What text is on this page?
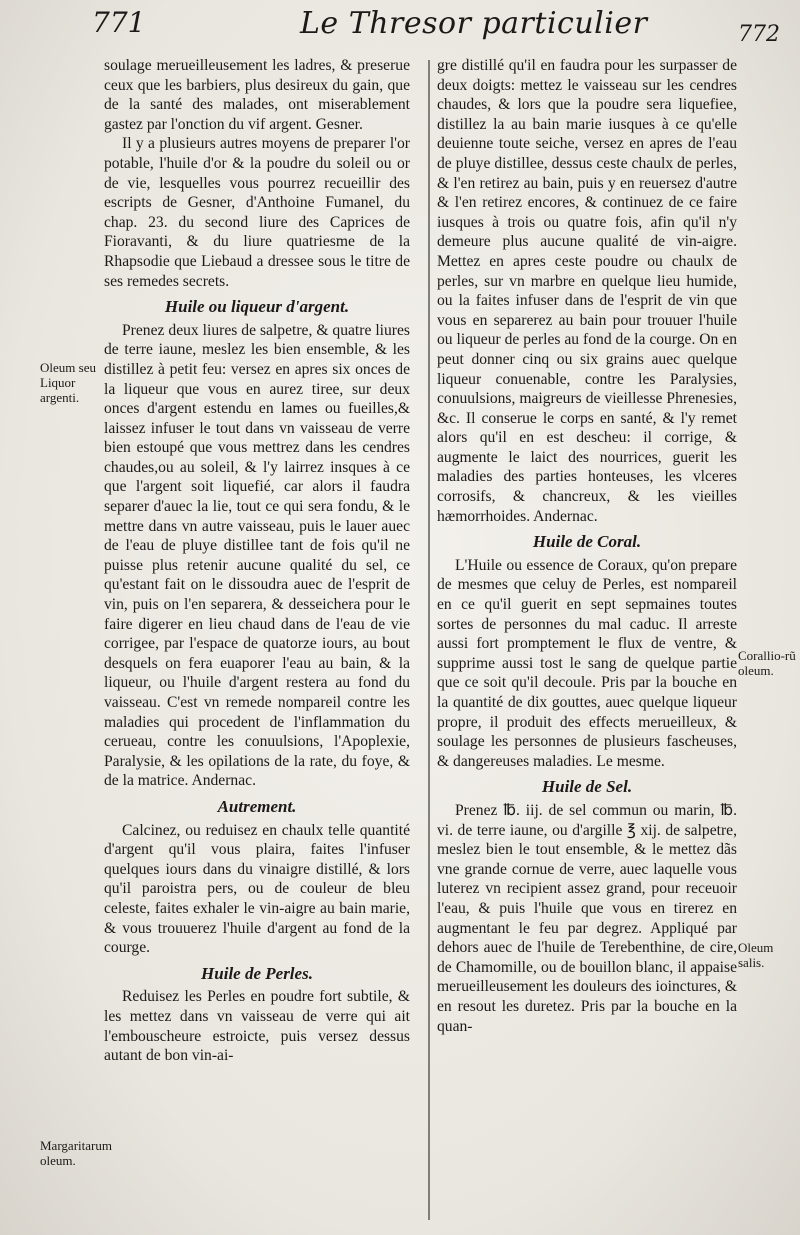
771	Le Thresor particulier	772

soulage merueilleusement les ladres, & preserue ceux que les barbiers, plus desireux du gain, que de la santé des malades, ont miserablement gastez par l'onction du vif argent. Gesner.

Il y a plusieurs autres moyens de preparer l'or potable, l'huile d'or & la poudre du soleil ou or de vie, lesquelles vous pourrez recueillir des escripts de Gesner, d'Anthoine Fumanel, du chap. 23. du second liure des Caprices de Fioravanti, & du liure quatriesme de la Rhapsodie que Liebaud a dressee sous le titre de ses remedes secrets.

Huile ou liqueur d'argent.

Prenez deux liures de salpetre, & quatre liures de terre iaune, meslez les bien ensemble, & les distillez à petit feu: versez en apres six onces de la liqueur que vous en aurez tiree, sur deux onces d'argent estendu en lames ou fueilles,& laissez infuser le tout dans vn vaisseau de verre bien estoupé que vous mettrez dans les cendres chaudes,ou au soleil, & l'y lairrez insques à ce que l'argent soit liquefié, car alors il faudra separer d'auec la lie, tout ce qui sera fondu, & le mettre dans vn autre vaisseau, puis le lauer auec de l'eau de pluye distillee tant de fois qu'il ne puisse plus retenir aucune qualité du sel, ce qu'estant fait on le dissoudra auec de l'esprit de vin, puis on l'en separera, & desseichera pour le faire digerer en lieu chaud dans de l'eau de vie corrigee, par l'espace de quatorze iours, au bout desquels on fera euaporer l'eau au bain, & la liqueur, ou l'huile d'argent restera au fond du vaisseau. C'est vn remede nompareil contre les maladies qui procedent de l'inflammation du cerueau, contre les conuulsions, l'Apoplexie, Paralysie, & les opilations de la rate, du foye, & de la matrice. Andernac.

Autrement.

Calcinez, ou reduisez en chaulx telle quantité d'argent qu'il vous plaira, faites l'infuser quelques iours dans du vinaigre distillé, & lors qu'il paroistra pers, ou de couleur de bleu celeste, faites exhaler le vin-aigre au bain marie, & vous trouuerez l'huile d'argent au fond de la courge.

Huile de Perles.

Reduisez les Perles en poudre fort subtile, & les mettez dans vn vaisseau de verre qui ait l'embouscheure estroicte, puis versez dessus autant de bon vin-ai-

gre distillé qu'il en faudra pour les surpasser de deux doigts: mettez le vaisseau sur les cendres chaudes, & lors que la poudre sera liquefiee, distillez la au bain marie iusques à ce qu'elle deuienne toute seiche, versez en apres de l'eau de pluye distillee, dessus ceste chaulx de perles, & l'en retirez au bain, puis y en reuersez d'autre & l'en retirez encores, & continuez de ce faire iusques à trois ou quatre fois, afin qu'il n'y demeure plus aucune qualité de vin-aigre. Mettez en apres ceste poudre ou chaulx de perles, sur vn marbre en quelque lieu humide, ou la faites infuser dans de l'esprit de vin que vous en separerez au bain pour trouuer l'huile ou liqueur de perles au fond de la courge. On en peut donner cinq ou six grains auec quelque liqueur conuenable, contre les Paralysies, conuulsions, maigreurs de vieillesse Phrenesies, &c. Il conserue le corps en santé, & l'y remet alors qu'il en est descheu: il corrige, & augmente le laict des nourrices, guerit les maladies des parties honteuses, les vlceres corrosifs, & chancreux, & les vieilles hæmorrhoides. Andernac.

Huile de Coral.

L'Huile ou essence de Coraux, qu'on prepare de mesmes que celuy de Perles, est nompareil en ce qu'il guerit en sept sepmaines toutes sortes de personnes du mal caduc. Il arreste aussi fort promptement le flux de ventre, & supprime aussi tost le sang de quelque partie que ce soit qu'il decoule. Pris par la bouche en la quantité de dix gouttes, auec quelque liqueur propre, il produit des effects merueilleux, & soulage les personnes de plusieurs fascheuses, & dangereuses maladies. Le mesme.

Huile de Sel.

Prenez ℔. iij. de sel commun ou marin, ℔. vi. de terre iaune, ou d'argille ℥ xij. de salpetre, meslez bien le tout ensemble, & le mettez dãs vne grande cornue de verre, auec laquelle vous luterez vn recipient assez grand, pour receuoir l'eau, & puis l'huile que vous en tirerez en augmentant le feu par degrez. Appliqué par dehors auec de l'huile de Terebenthine, de cire, de Chamomille, ou de bouillon blanc, il appaise merueilleusement les douleurs des ioinctures, & en resout les duretez. Pris par la bouche en la quan-

Oleum seu Liquor argenti.
Margaritarum oleum.
Corallio-rũ oleum.
Oleum salis.
